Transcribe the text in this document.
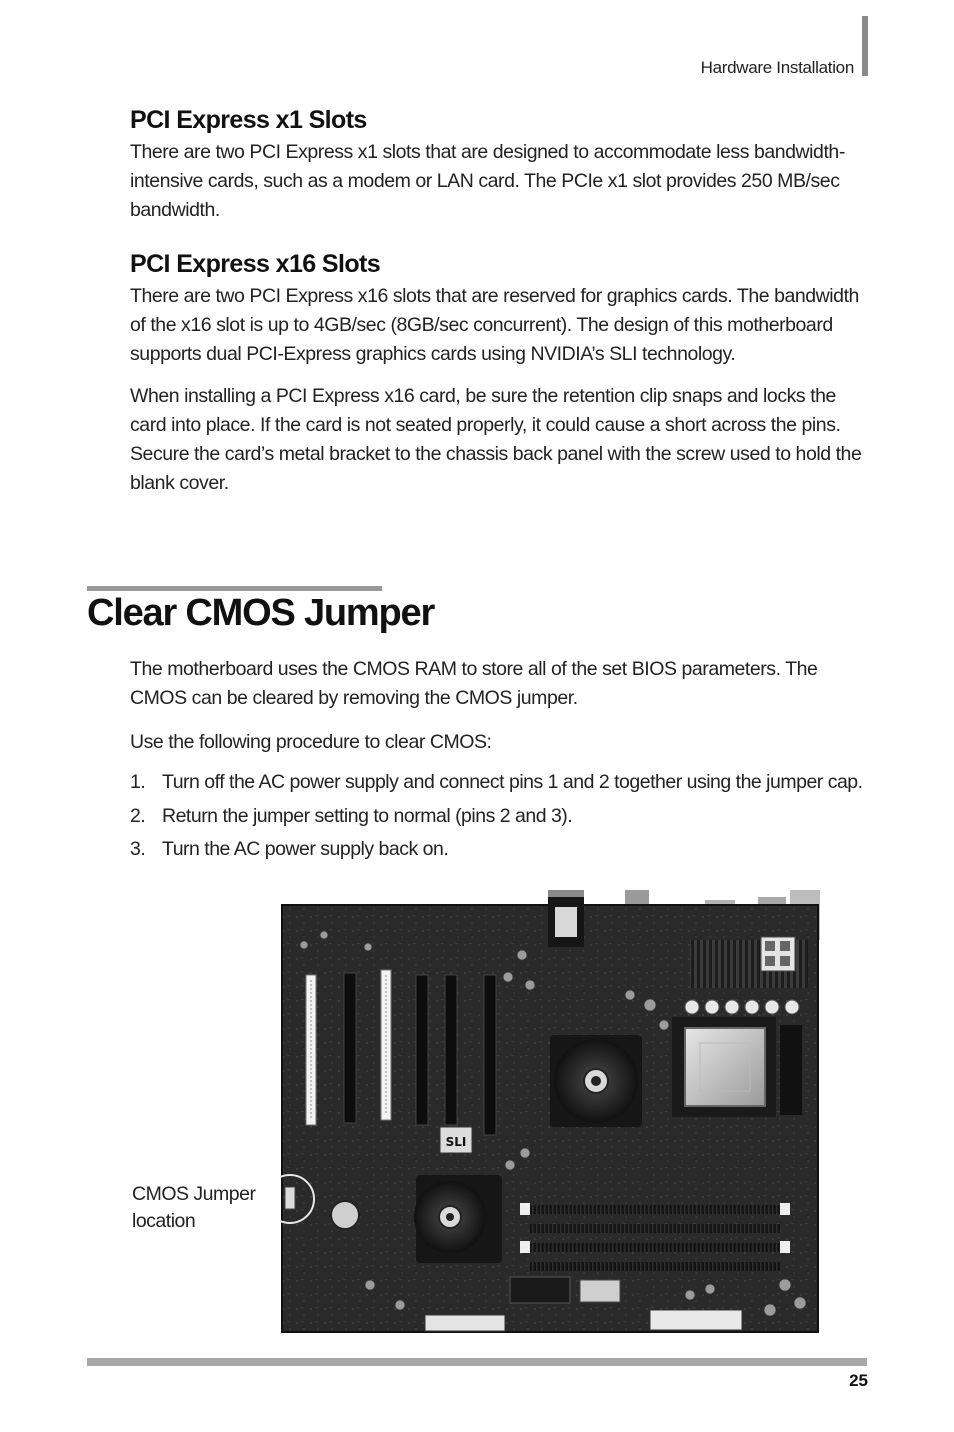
Hardware Installation
PCI Express x1 Slots

There are two PCI Express x1 slots that are designed to accommodate less bandwidth-intensive cards, such as a modem or LAN card. The PCIe x1 slot provides 250 MB/sec bandwidth.

PCI Express x16 Slots

There are two PCI Express x16 slots that are reserved for graphics cards. The bandwidth of the x16 slot is up to 4GB/sec (8GB/sec concurrent). The design of this motherboard supports dual PCI-Express graphics cards using NVIDIA’s SLI technology.

When installing a PCI Express x16 card, be sure the retention clip snaps and locks the card into place. If the card is not seated properly, it could cause a short across the pins. Secure the card’s metal bracket to the chassis back panel with the screw used to hold the blank cover.

Clear CMOS Jumper

The motherboard uses the CMOS RAM to store all of the set BIOS parameters. The CMOS can be cleared by removing the CMOS jumper.

Use the following procedure to clear CMOS:

1. Turn off the AC power supply and connect pins 1 and 2 together using the jumper cap.
2. Return the jumper setting to normal (pins 2 and 3).
3. Turn the AC power supply back on.
CMOS Jumper location
SLI
25
